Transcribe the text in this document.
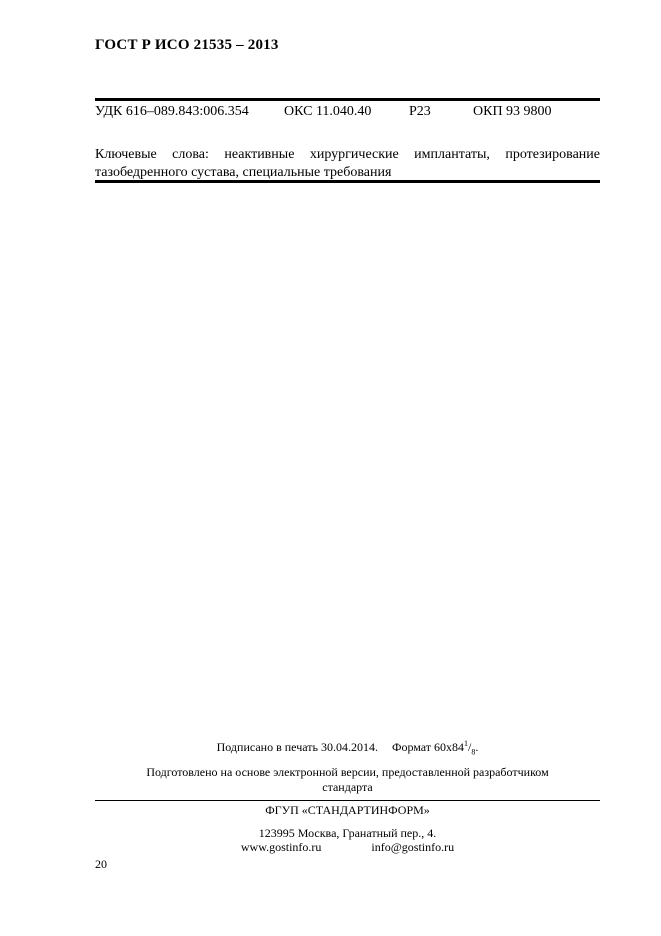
ГОСТ Р ИСО 21535 – 2013
УДК 616–089.843:006.354	ОКС 11.040.40	Р23	ОКП 93 9800
Ключевые слова: неактивные хирургические имплантаты, протезирование тазобедренного сустава, специальные требования
Подписано в печать 30.04.2014. Формат $60х84^1/_8$.
Подготовлено на основе электронной версии, предоставленной разработчиком
стандарта
ФГУП «СТАНДАРТИНФОРМ»
123995 Москва, Гранатный пер., 4.
www.gostinfo.ru	info@gostinfo.ru
20
